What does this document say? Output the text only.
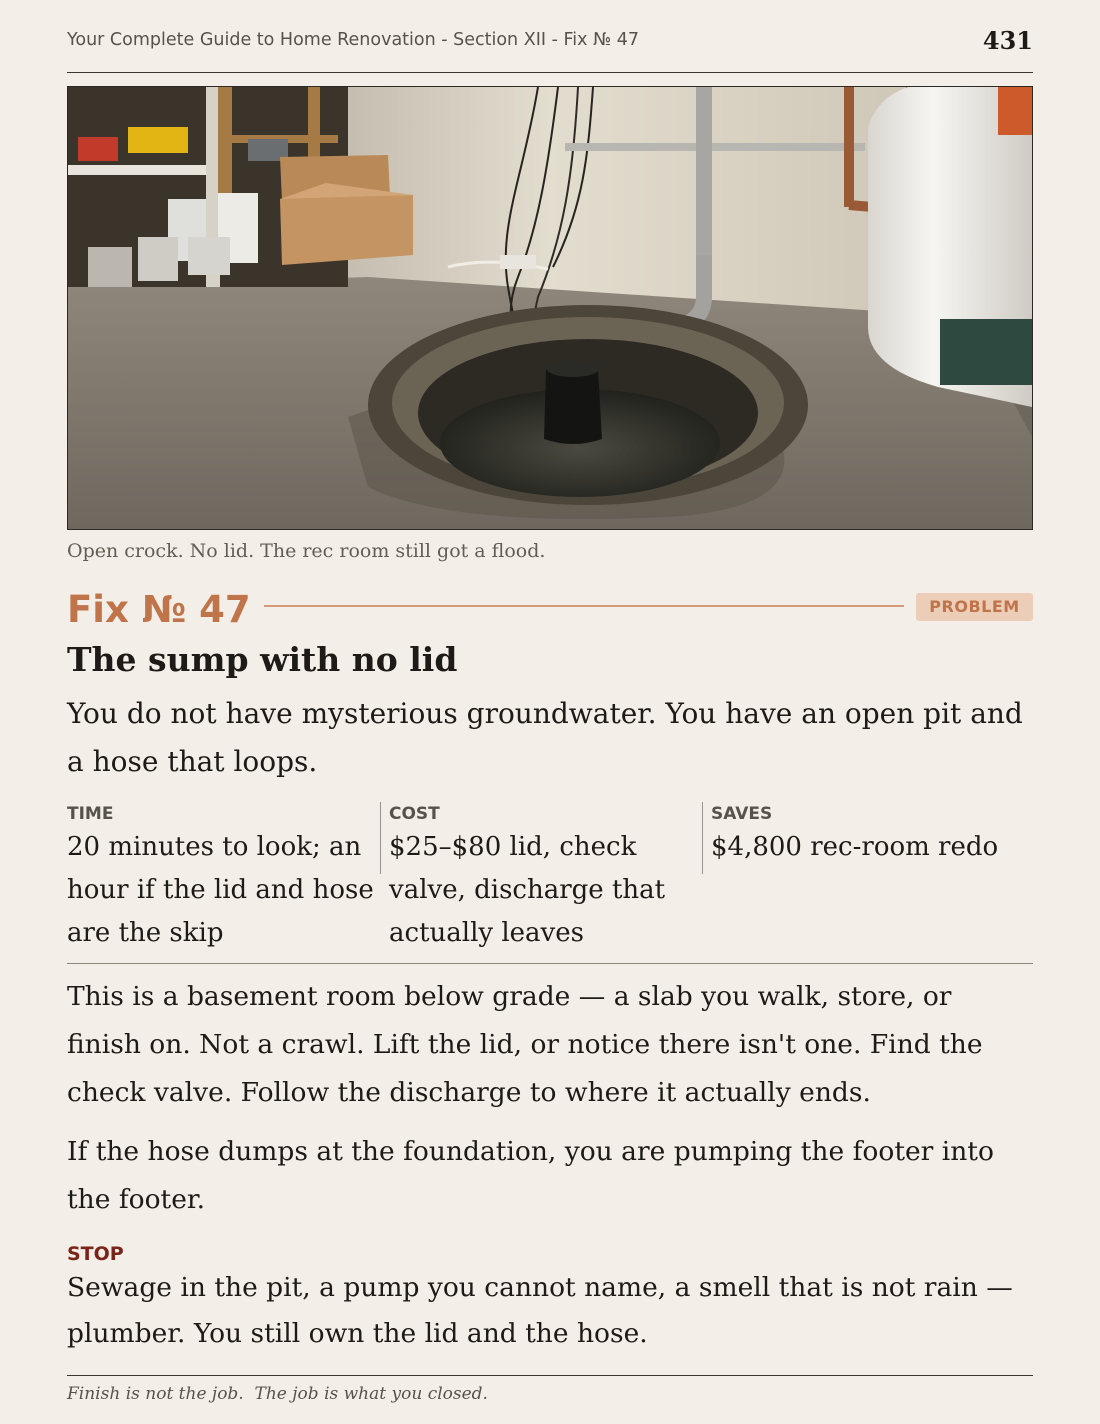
Your Complete Guide to Home Renovation - Section XII - Fix № 47	431
Open crock. No lid. The rec room still got a flood.
Fix № 47	PROBLEM
The sump with no lid
You do not have mysterious groundwater. You have an open pit and a hose that loops.
TIME
20 minutes to look; an hour if the lid and hose are the skip
COST
$25–$80 lid, check valve, discharge that actually leaves
SAVES
$4,800 rec-room redo

This is a basement room below grade — a slab you walk, store, or finish on. Not a crawl. Lift the lid, or notice there isn't one. Find the check valve. Follow the discharge to where it actually ends.

If the hose dumps at the foundation, you are pumping the footer into the footer.

STOP
Sewage in the pit, a pump you cannot name, a smell that is not rain — plumber. You still own the lid and the hose.
Finish is not the job.  The job is what you closed.
